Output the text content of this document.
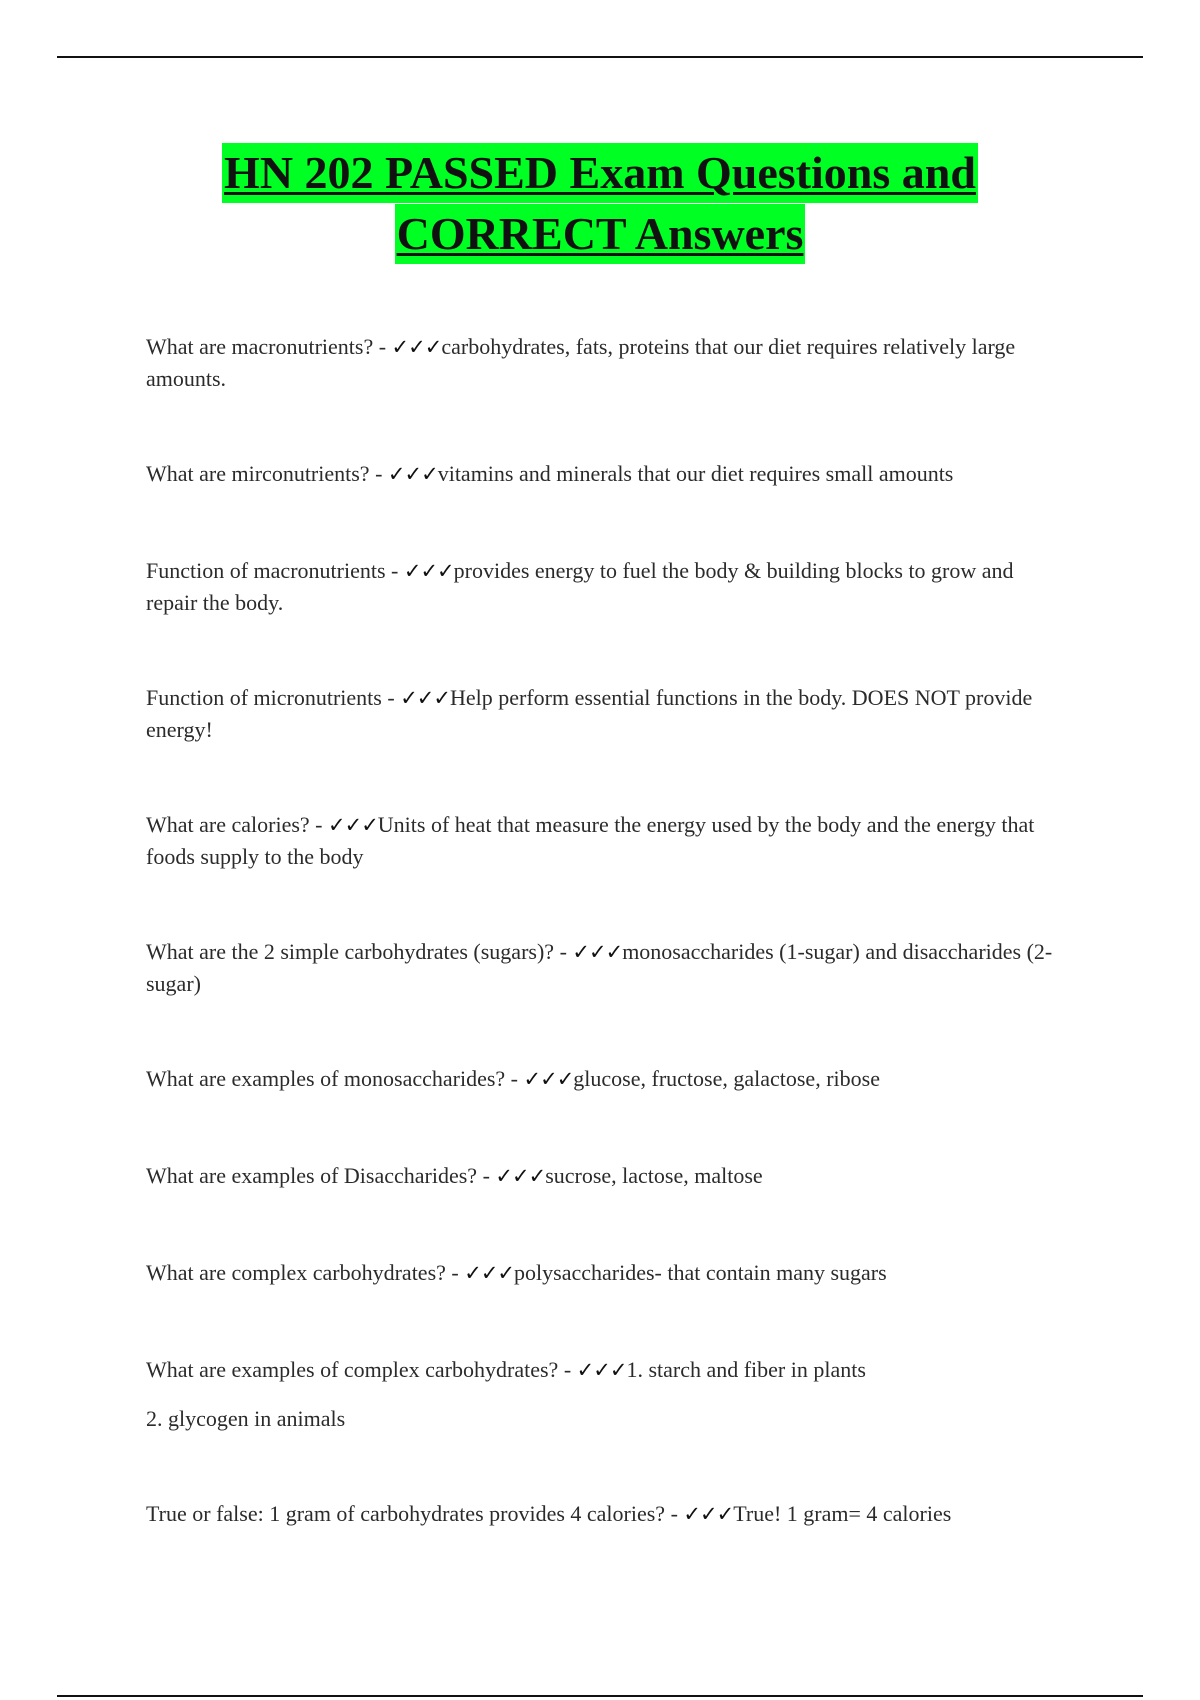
HN 202 PASSED Exam Questions and
CORRECT Answers
What are macronutrients? - ✓✓✓carbohydrates, fats, proteins that our diet requires relatively large amounts.
What are mirconutrients? - ✓✓✓vitamins and minerals that our diet requires small amounts
Function of macronutrients - ✓✓✓provides energy to fuel the body & building blocks to grow and repair the body.
Function of micronutrients - ✓✓✓Help perform essential functions in the body. DOES NOT provide energy!
What are calories? - ✓✓✓Units of heat that measure the energy used by the body and the energy that foods supply to the body
What are the 2 simple carbohydrates (sugars)? - ✓✓✓monosaccharides (1-sugar) and disaccharides (2-sugar)
What are examples of monosaccharides? - ✓✓✓glucose, fructose, galactose, ribose
What are examples of Disaccharides? - ✓✓✓sucrose, lactose, maltose
What are complex carbohydrates? - ✓✓✓polysaccharides- that contain many sugars
What are examples of complex carbohydrates? - ✓✓✓1. starch and fiber in plants
2. glycogen in animals
True or false: 1 gram of carbohydrates provides 4 calories? - ✓✓✓True! 1 gram= 4 calories
